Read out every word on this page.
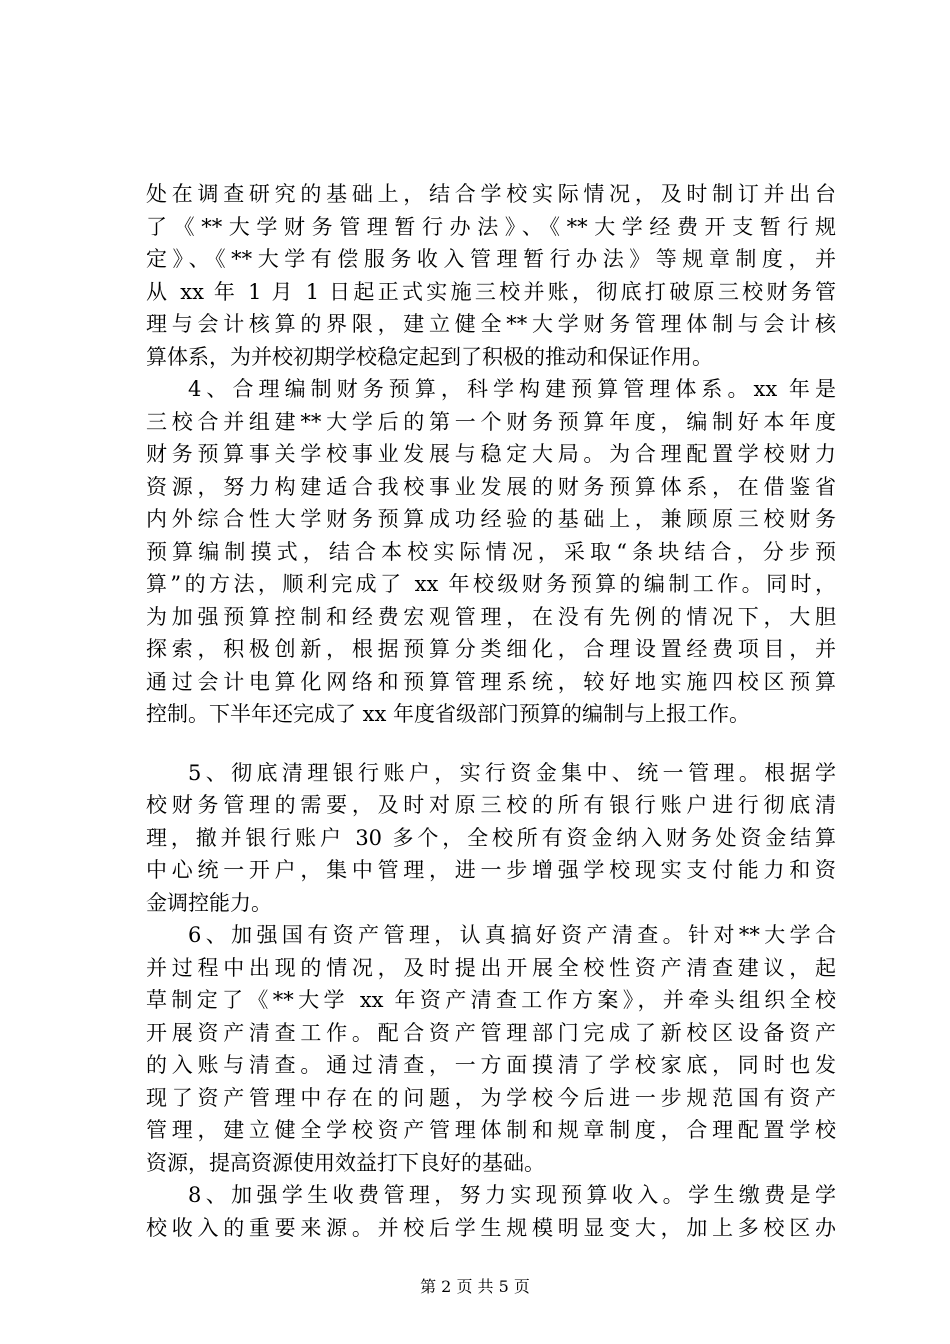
处在调查研究的基础上，结合学校实际情况，及时制订并出台
了《**大学财务管理暂行办法》、《**大学经费开支暂行规
定》、《**大学有偿服务收入管理暂行办法》等规章制度，并
从 xx 年 1 月 1 日起正式实施三校并账，彻底打破原三校财务管
理与会计核算的界限，建立健全**大学财务管理体制与会计核
算体系，为并校初期学校稳定起到了积极的推动和保证作用。
4、合理编制财务预算，科学构建预算管理体系。xx 年是
三校合并组建**大学后的第一个财务预算年度，编制好本年度
财务预算事关学校事业发展与稳定大局。为合理配置学校财力
资源，努力构建适合我校事业发展的财务预算体系，在借鉴省
内外综合性大学财务预算成功经验的基础上，兼顾原三校财务
预算编制摸式，结合本校实际情况，采取“条块结合，分步预
算”的方法，顺利完成了 xx 年校级财务预算的编制工作。同时，
为加强预算控制和经费宏观管理，在没有先例的情况下，大胆
探索，积极创新，根据预算分类细化，合理设置经费项目，并
通过会计电算化网络和预算管理系统，较好地实施四校区预算
控制。下半年还完成了 xx 年度省级部门预算的编制与上报工作。
5、彻底清理银行账户，实行资金集中、统一管理。根据学
校财务管理的需要，及时对原三校的所有银行账户进行彻底清
理，撤并银行账户 30 多个，全校所有资金纳入财务处资金结算
中心统一开户，集中管理，进一步增强学校现实支付能力和资
金调控能力。
6、加强国有资产管理，认真搞好资产清查。针对**大学合
并过程中出现的情况，及时提出开展全校性资产清查建议，起
草制定了《**大学 xx 年资产清查工作方案》，并牵头组织全校
开展资产清查工作。配合资产管理部门完成了新校区设备资产
的入账与清查。通过清查，一方面摸清了学校家底，同时也发
现了资产管理中存在的问题，为学校今后进一步规范国有资产
管理，建立健全学校资产管理体制和规章制度，合理配置学校
资源，提高资源使用效益打下良好的基础。
8、加强学生收费管理，努力实现预算收入。学生缴费是学
校收入的重要来源。并校后学生规模明显变大，加上多校区办
第 2 页 共 5 页
